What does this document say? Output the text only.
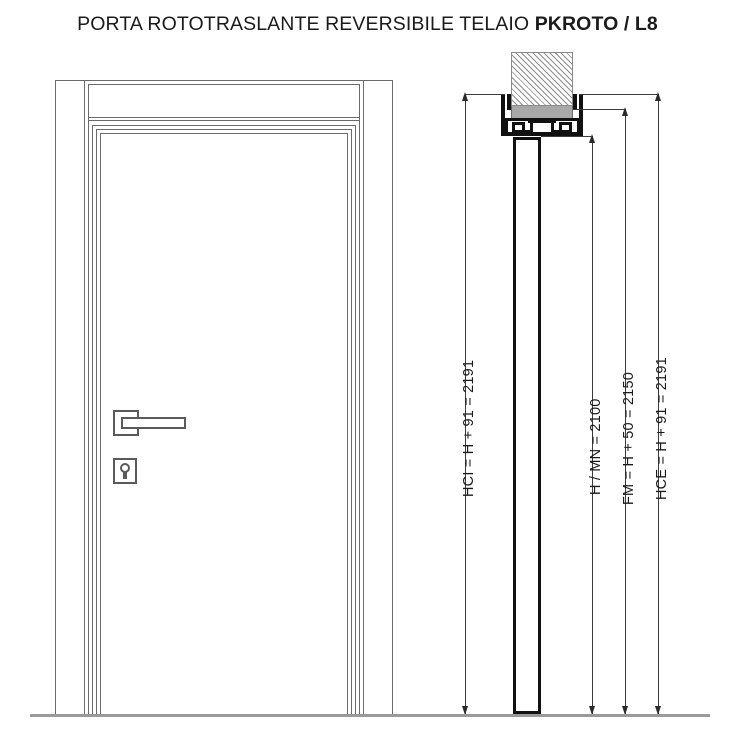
PORTA ROTOTRASLANTE REVERSIBILE TELAIO PKROTO / L8
HCI = H + 91 = 2191	H / MN = 2100 FM = H + 50 = 2150 HCE = H + 91 = 2191
